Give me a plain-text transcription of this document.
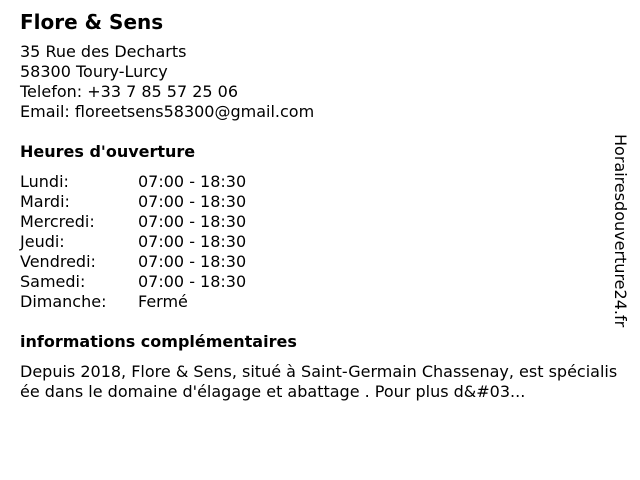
Flore & Sens
35 Rue des Decharts
58300 Toury-Lurcy
Telefon: +33 7 85 57 25 06
Email: floreetsens58300@gmail.com
Heures d'ouverture
Lundi:	07:00 - 18:30
Mardi:	07:00 - 18:30
Mercredi:	07:00 - 18:30
Jeudi:	07:00 - 18:30
Vendredi:	07:00 - 18:30
Samedi:	07:00 - 18:30
Dimanche:	Fermé
informations complémentaires
Depuis 2018, Flore & Sens, situé à Saint-Germain Chassenay, est spécialisée dans le domaine d'élagage et abattage . Pour plus d&#03...
Horairesdouverture24.fr
